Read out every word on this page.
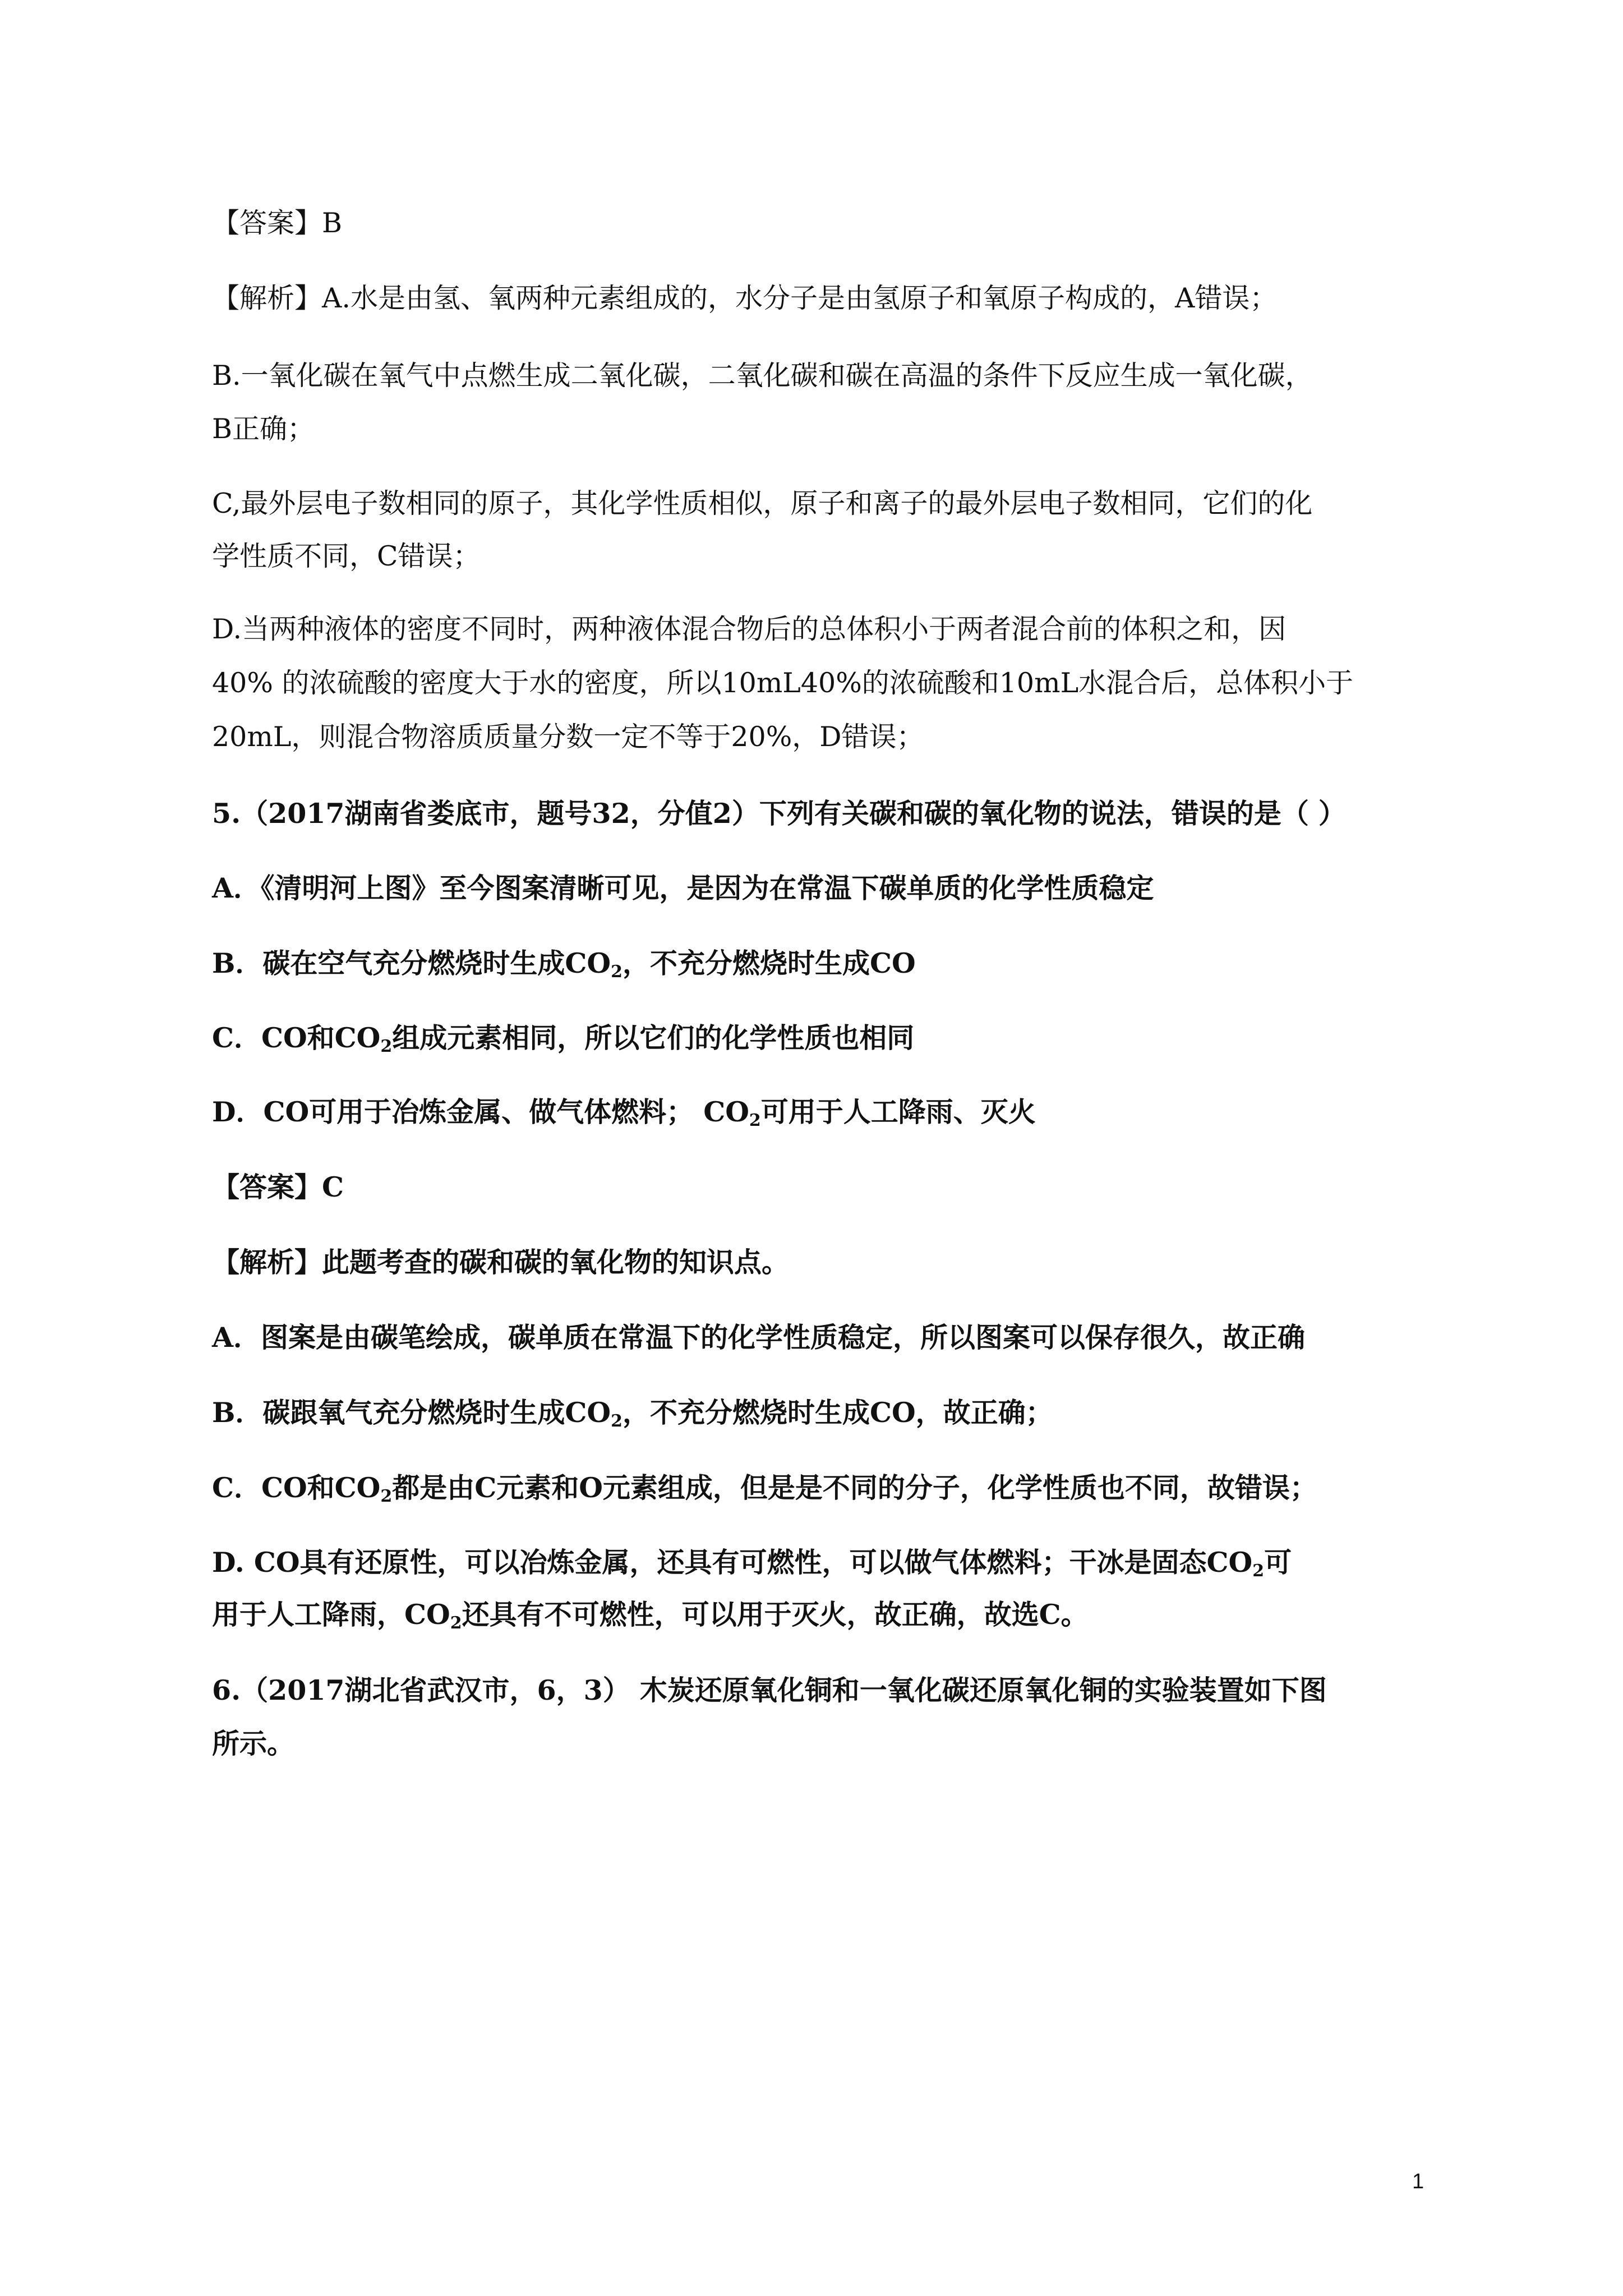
【答案】B
【解析】A.水是由氢、氧两种元素组成的，水分子是由氢原子和氧原子构成的，A错误；
B.一氧化碳在氧气中点燃生成二氧化碳，二氧化碳和碳在高温的条件下反应生成一氧化碳，
B正确；
C,最外层电子数相同的原子，其化学性质相似，原子和离子的最外层电子数相同，它们的化
学性质不同，C错误；
D.当两种液体的密度不同时，两种液体混合物后的总体积小于两者混合前的体积之和，因
40% 的浓硫酸的密度大于水的密度，所以10mL40%的浓硫酸和10mL水混合后，总体积小于
20mL，则混合物溶质质量分数一定不等于20%，D错误；
5.（2017湖南省娄底市，题号32，分值2）下列有关碳和碳的氧化物的说法，错误的是（ ）
A．《清明河上图》至今图案清晰可见，是因为在常温下碳单质的化学性质稳定
B．碳在空气充分燃烧时生成$CO_2$，不充分燃烧时生成CO
C．CO和$CO_2$组成元素相同，所以它们的化学性质也相同
D．CO可用于冶炼金属、做气体燃料； $CO_2$可用于人工降雨、灭火
【答案】C
【解析】此题考查的碳和碳的氧化物的知识点。
A．图案是由碳笔绘成，碳单质在常温下的化学性质稳定，所以图案可以保存很久，故正确
B．碳跟氧气充分燃烧时生成$CO_2$，不充分燃烧时生成CO，故正确；
C．CO和$CO_2$都是由C元素和O元素组成，但是是不同的分子，化学性质也不同，故错误；
D. CO具有还原性，可以冶炼金属，还具有可燃性，可以做气体燃料；干冰是固态$CO_2$可
用于人工降雨，$CO_2$还具有不可燃性，可以用于灭火，故正确，故选C。
6.（2017湖北省武汉市，6，3） 木炭还原氧化铜和一氧化碳还原氧化铜的实验装置如下图
所示。
1
